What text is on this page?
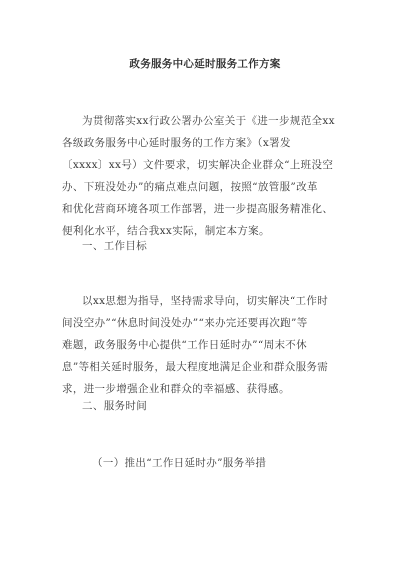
政务服务中心延时服务工作方案
为贯彻落实xx行政公署办公室关于《进一步规范全xx
各级政务服务中心延时服务的工作方案》（x署发
〔xxxx〕xx号）文件要求，切实解决企业群众“上班没空
办、下班没处办”的痛点难点问题，按照“放管服”改革
和优化营商环境各项工作部署，进一步提高服务精准化、
便利化水平，结合我xx实际，制定本方案。
一、工作目标
以xx思想为指导，坚持需求导向，切实解决“工作时
间没空办”“休息时间没处办”“来办完还要再次跑”等
难题，政务服务中心提供“工作日延时办”“周末不休
息”等相关延时服务，最大程度地满足企业和群众服务需
求，进一步增强企业和群众的幸福感、获得感。
二、服务时间
（一）推出“工作日延时办”服务举措
